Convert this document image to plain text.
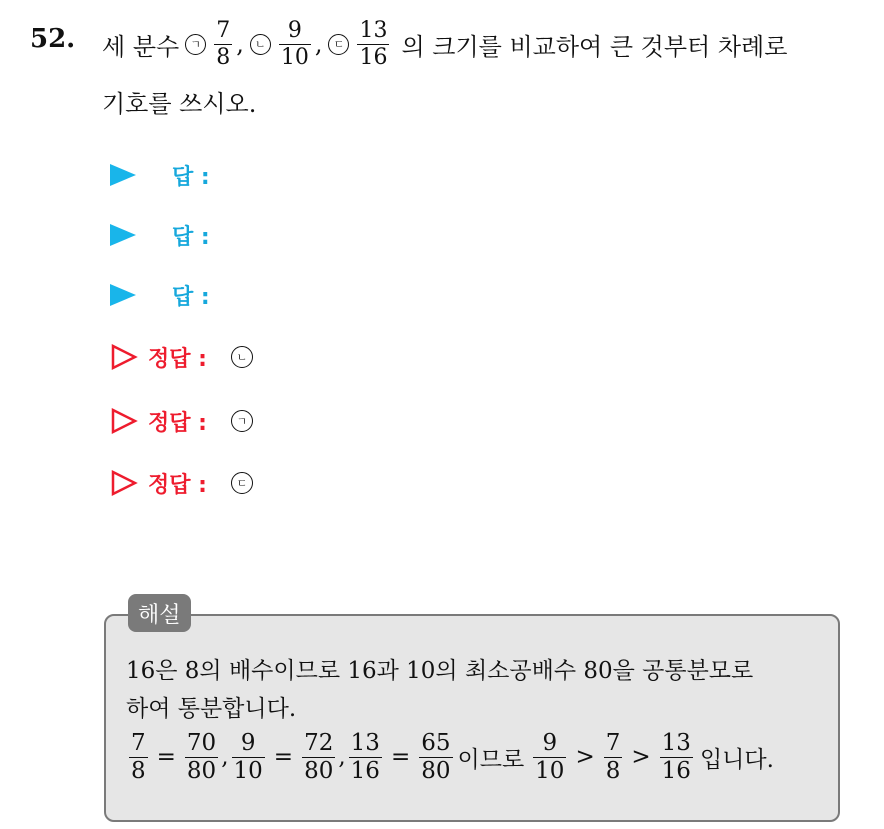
52. 세 분수	ㄱ $\frac{7}{8}$ ,	ㄴ $\frac{9}{10}$ ,	ㄷ $\frac{13}{16}$ 의 크기를 비교하여 큰 것부터 차례로
기호를 쓰시오.
답 :
답 :
답 :
정답 :	ㄴ
정답 :	ㄱ
정답 :	ㄷ
해설
16은 8의 배수이므로 16과 10의 최소공배수 80을 공통분모로
하여 통분합니다.
$\frac{7}{8} = \frac{70}{80}$ , $\frac{9}{10} = \frac{72}{80}$ , $\frac{13}{16} = \frac{65}{80}$ 이므로 $\frac{9}{10} > \frac{7}{8} > \frac{13}{16}$ 입니다.
